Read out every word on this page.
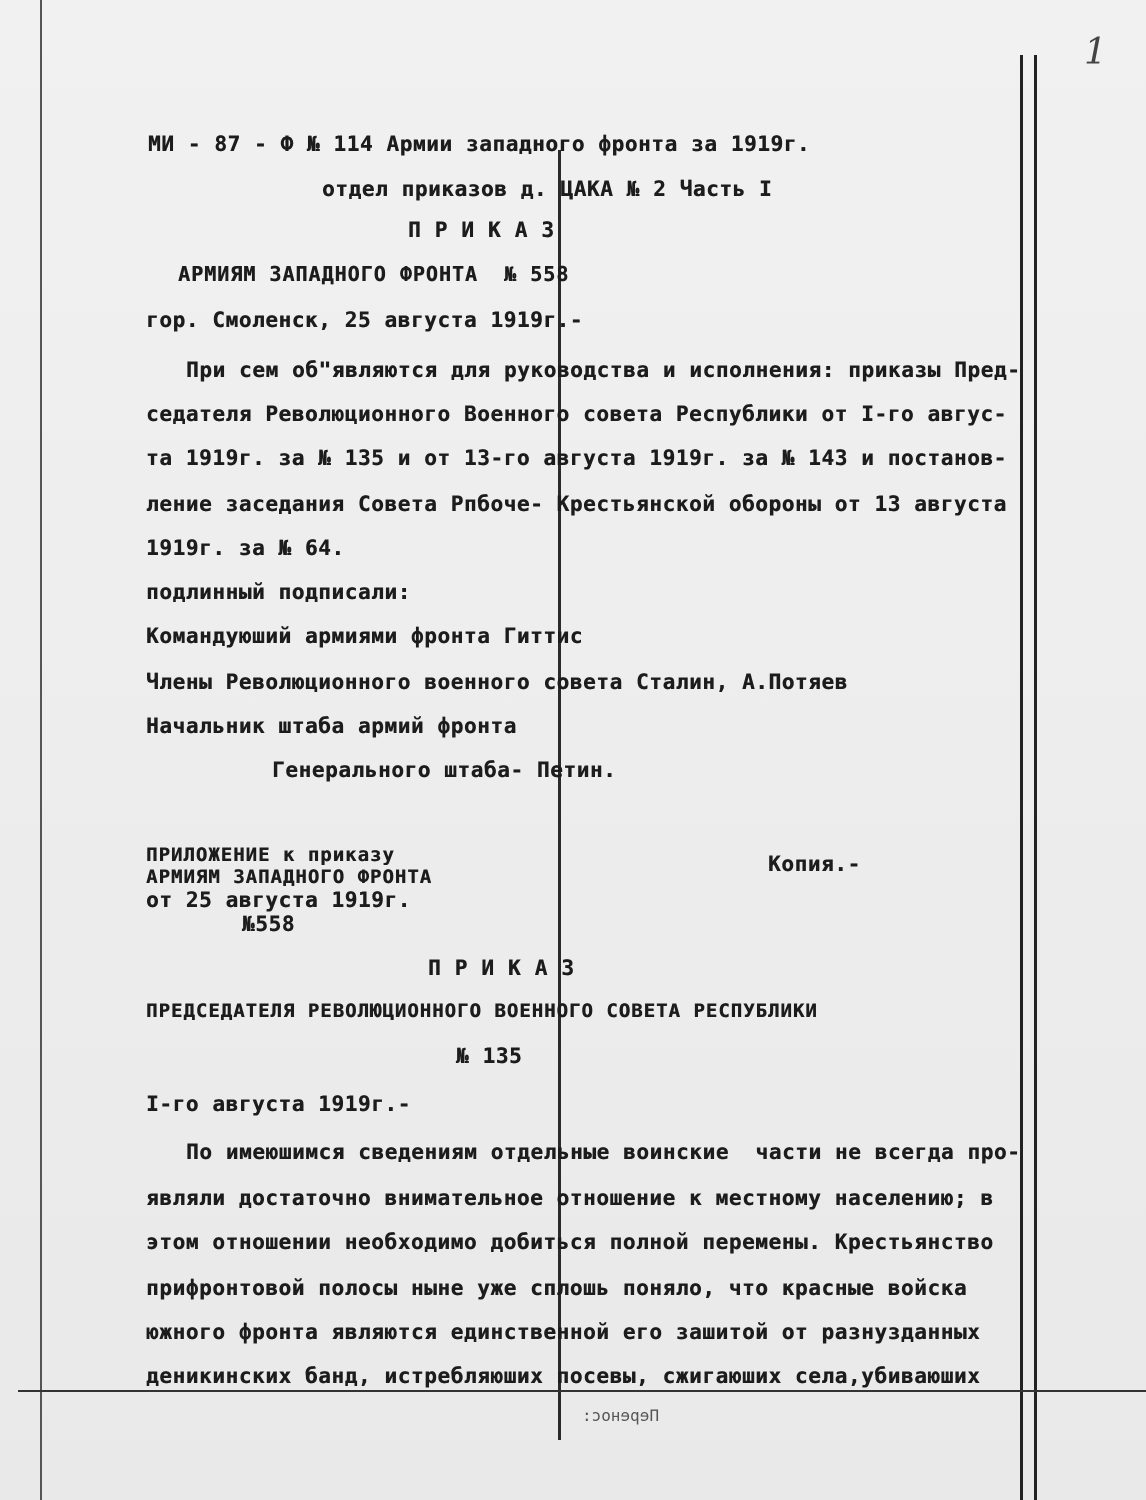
1
МИ - 87 - Ф № 114 Армии западного фронта за 1919г.
отдел приказов д. ЦАКА № 2 Часть I
ПРИКАЗ
АРМИЯМ ЗАПАДНОГО ФРОНТА  № 558
гор. Смоленск, 25 августа 1919г.-
При сем об"являются для руководства и исполнения: приказы Пред-
седателя Революционного Военного совета Республики от I-го авгус-
та 1919г. за № 135 и от 13-го августа 1919г. за № 143 и постанов-
ление заседания Совета Рпбоче- Крестьянской обороны от 13 августа
1919г. за № 64.
подлинный подписали:
Командуюший армиями фронта Гиттис
Члены Революционного военного совета Сталин, А.Потяев
Начальник штаба армий фронта
Генерального штаба- Петин.
ПРИЛОЖЕНИЕ к приказу
АРМИЯМ ЗАПАДНОГО ФРОНТА
от 25 августа 1919г.
№558
Копия.-
ПРИКАЗ
ПРЕДСЕДАТЕЛЯ РЕВОЛЮЦИОННОГО ВОЕННОГО СОВЕТА РЕСПУБЛИКИ
№ 135
I-го августа 1919г.-
По имеюшимся сведениям отдельные воинские  части не всегда про-
являли достаточно внимательное отношение к местному населению; в
этом отношении необходимо добиться полной перемены. Крестьянство
прифронтовой полосы ныне уже сплошь поняло, что красные войска
южного фронта являются единственной его зашитой от разнузданных
деникинских банд, истребляюших посевы, сжигаюших села,убиваюших
Перенос:
